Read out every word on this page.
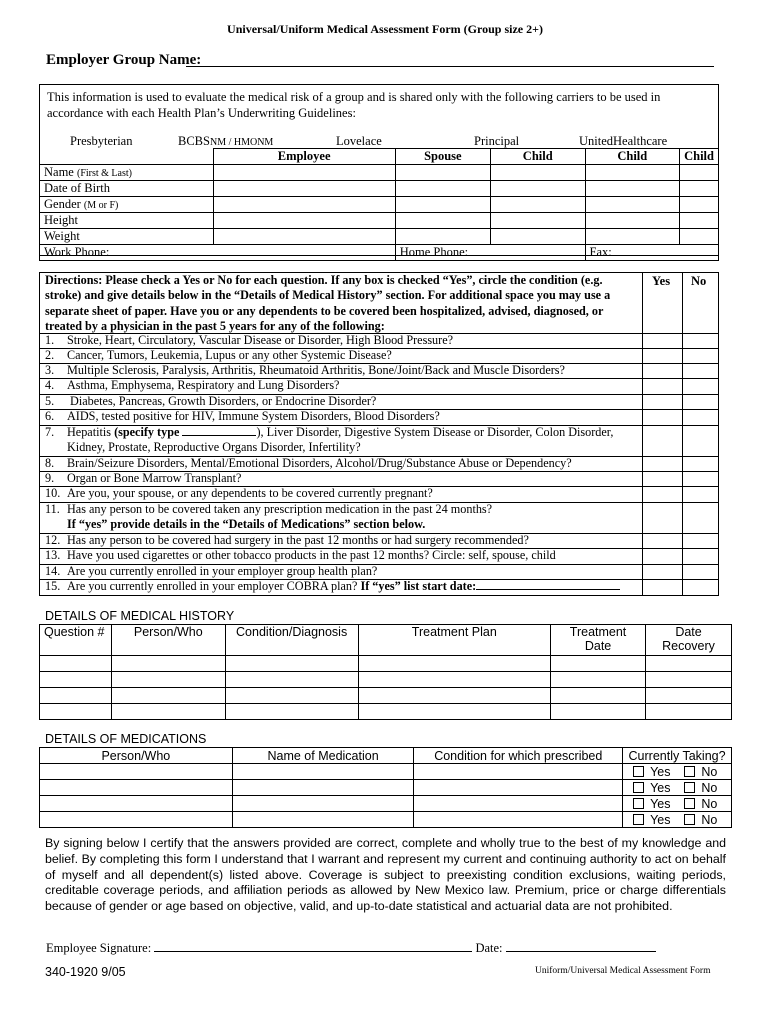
Universal/Uniform Medical Assessment Form (Group size 2+)
Employer Group Name:
This information is used to evaluate the medical risk of a group and is shared only with the following carriers to be used in accordance with each Health Plan’s Underwriting Guidelines:
Presbyterian	BCBSNM / HMONM	Lovelace	Principal	UnitedHealthcare
	Employee	Spouse	Child	Child	Child
Name (First & Last)					
Date of Birth					
Gender (M or F)					
Height					
Weight					
Work Phone:		Home Phone:		Fax:	
Yes No
Directions: Please check a Yes or No for each question. If any box is checked “Yes”, circle the condition (e.g. stroke) and give details below in the “Details of Medical History” section. For additional space you may use a separate sheet of paper. Have you or any dependents to be covered been hospitalized, advised, diagnosed, or treated by a physician in the past 5 years for any of the following:
1. Stroke, Heart, Circulatory, Vascular Disease or Disorder, High Blood Pressure?
2. Cancer, Tumors, Leukemia, Lupus or any other Systemic Disease?
3. Multiple Sclerosis, Paralysis, Arthritis, Rheumatoid Arthritis, Bone/Joint/Back and Muscle Disorders?
4. Asthma, Emphysema, Respiratory and Lung Disorders?
5. Diabetes, Pancreas, Growth Disorders, or Endocrine Disorder?
6. AIDS, tested positive for HIV, Immune System Disorders, Blood Disorders?
7. Hepatitis (specify type	), Liver Disorder, Digestive System Disease or Disorder, Colon Disorder,
Kidney, Prostate, Reproductive Organs Disorder, Infertility?
8. Brain/Seizure Disorders, Mental/Emotional Disorders, Alcohol/Drug/Substance Abuse or Dependency?
9. Organ or Bone Marrow Transplant?
10. Are you, your spouse, or any dependents to be covered currently pregnant?
11. Has any person to be covered taken any prescription medication in the past 24 months?
If “yes” provide details in the “Details of Medications” section below.
12. Has any person to be covered had surgery in the past 12 months or had surgery recommended?
13. Have you used cigarettes or other tobacco products in the past 12 months? Circle: self, spouse, child
14. Are you currently enrolled in your employer group health plan?
15. Are you currently enrolled in your employer COBRA plan? If “yes” list start date:
DETAILS OF MEDICAL HISTORY
Question #	Person/Who	Condition/Diagnosis	Treatment Plan	Treatment
Date	Date
Recovery

DETAILS OF MEDICATIONS
Person/Who	Name of Medication	Condition for which prescribed	Currently Taking?
			Yes No
			Yes No
			Yes No
			Yes No
By signing below I certify that the answers provided are correct, complete and wholly true to the best of my knowledge and belief. By completing this form I understand that I warrant and represent my current and continuing authority to act on behalf of myself and all dependent(s) listed above. Coverage is subject to preexisting condition exclusions, waiting periods, creditable coverage periods, and affiliation periods as allowed by New Mexico law. Premium, price or charge differentials because of gender or age based on objective, valid, and up-to-date statistical and actuarial data are not prohibited.
Employee Signature:	Date:
340-1920 9/05	Uniform/Universal Medical Assessment Form
